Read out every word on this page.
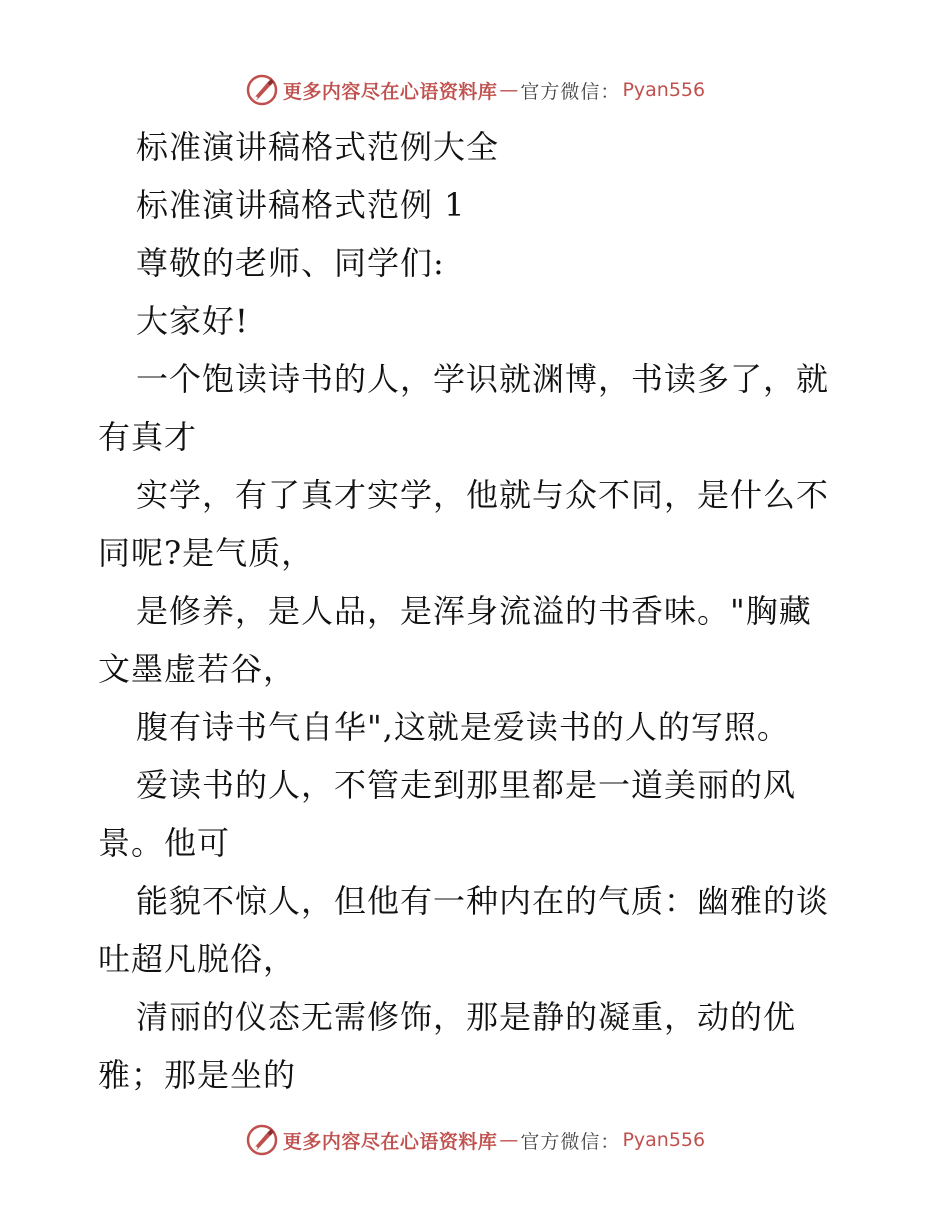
更多内容尽在心语资料库 — 官方微信： Pyan556
标准演讲稿格式范例大全
标准演讲稿格式范例 1
尊敬的老师、同学们:
大家好!
一个饱读诗书的人，学识就渊博，书读多了，就
有真才
实学，有了真才实学，他就与众不同，是什么不
同呢?是气质，
是修养，是人品，是浑身流溢的书香味。"胸藏
文墨虚若谷，
腹有诗书气自华",这就是爱读书的人的写照。
爱读书的人，不管走到那里都是一道美丽的风
景。他可
能貌不惊人，但他有一种内在的气质：幽雅的谈
吐超凡脱俗，
清丽的仪态无需修饰，那是静的凝重，动的优
雅；那是坐的
更多内容尽在心语资料库 — 官方微信： Pyan556
